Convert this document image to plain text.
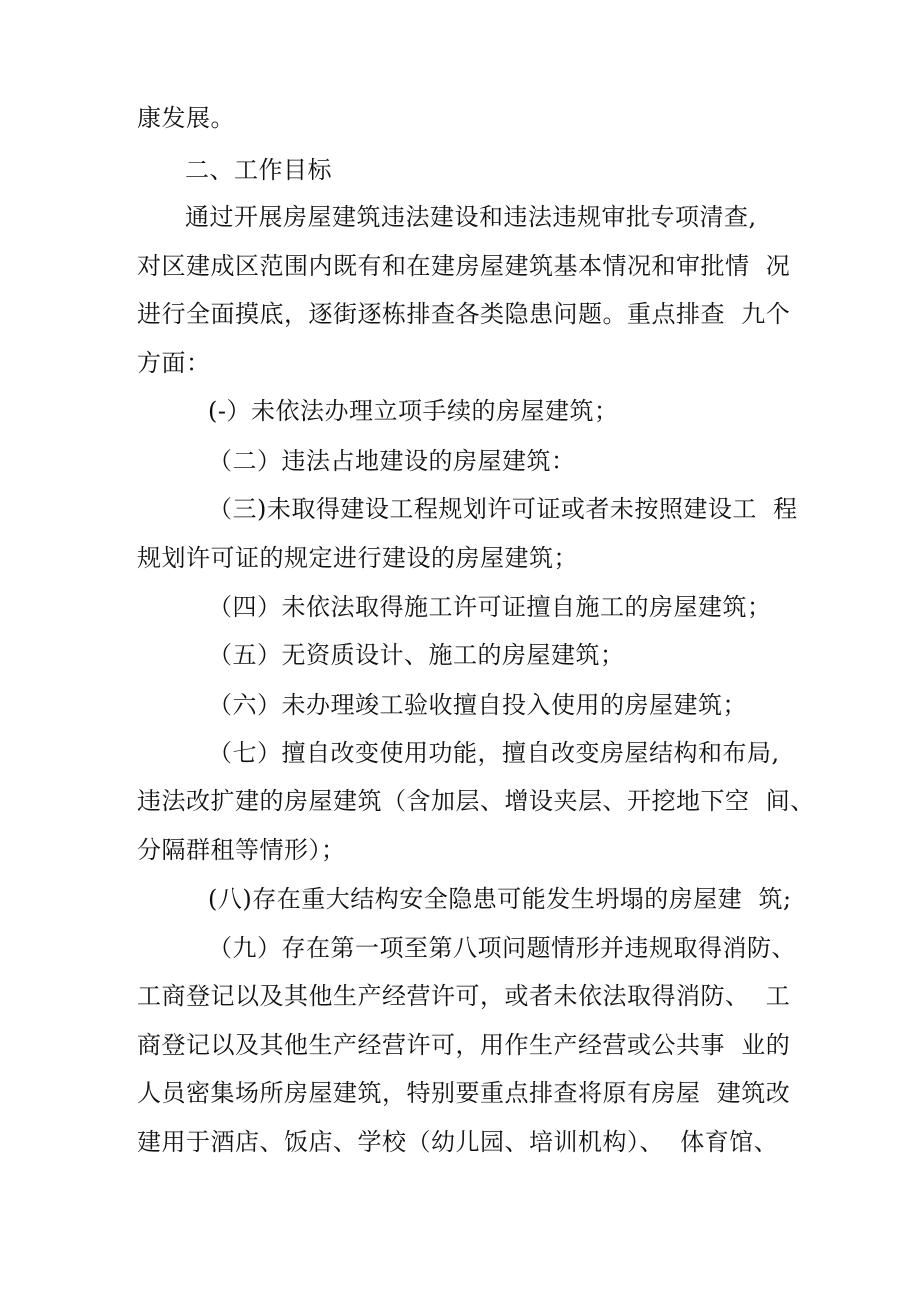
康发展。
二、工作目标
通过开展房屋建筑违法建设和违法违规审批专项清查,
对区建成区范围内既有和在建房屋建筑基本情况和审批情  况
进行全面摸底，逐街逐栋排查各类隐患问题。重点排查  九个
方面：
(-）未依法办理立项手续的房屋建筑；
（二）违法占地建设的房屋建筑：
（三)未取得建设工程规划许可证或者未按照建设工  程
规划许可证的规定进行建设的房屋建筑；
（四）未依法取得施工许可证擅自施工的房屋建筑；
（五）无资质设计、施工的房屋建筑；
（六）未办理竣工验收擅自投入使用的房屋建筑；
（七）擅自改变使用功能，擅自改变房屋结构和布局,
违法改扩建的房屋建筑（含加层、增设夹层、开挖地下空  间、
分隔群租等情形）；
(八)存在重大结构安全隐患可能发生坍塌的房屋建  筑;
（九）存在第一项至第八项问题情形并违规取得消防、
工商登记以及其他生产经营许可，或者未依法取得消防、  工
商登记以及其他生产经营许可，用作生产经营或公共事  业的
人员密集场所房屋建筑，特别要重点排查将原有房屋  建筑改
建用于酒店、饭店、学校（幼儿园、培训机构）、  体育馆、
